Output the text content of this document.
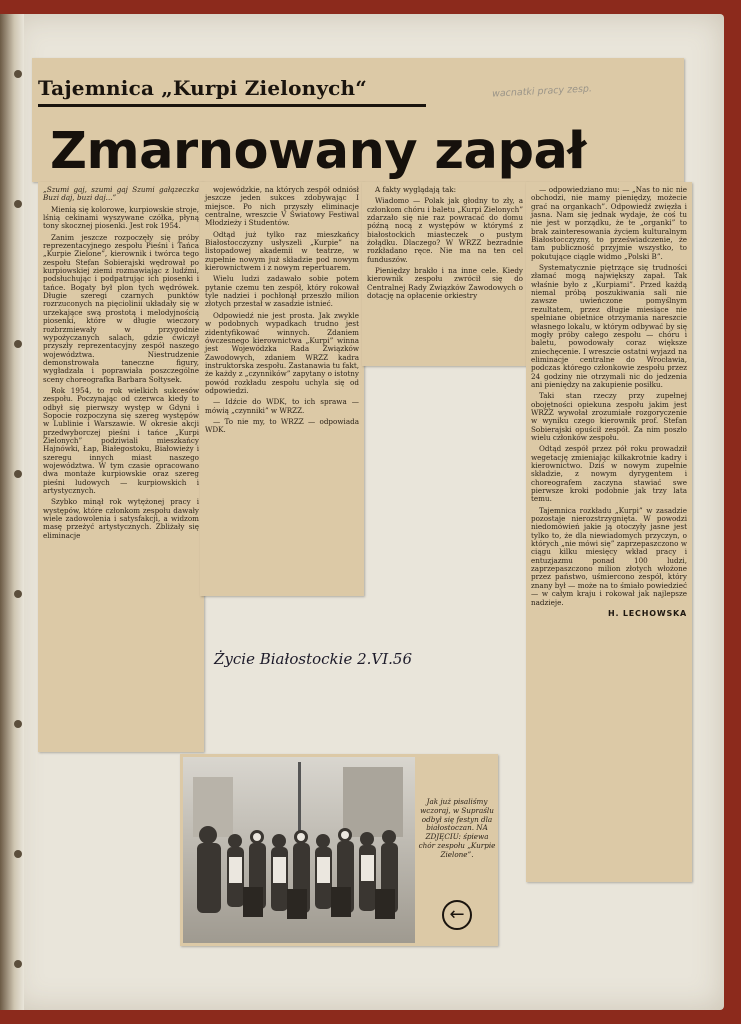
Tajemnica „Kurpi Zielonych“	wacnatki pracy zesp.
Zmarnowany zapał

„Szumi gaj, szumi gaj Szumi gałązeczka Buzi daj, buzi daj...”

Mienią się kolorowe, kurpiowskie stroje, lśnią cekinami wyszywane czółka, płyną tony skocznej piosenki. Jest rok 1954.

Zanim jeszcze rozpoczęły się próby reprezentacyjnego zespołu Pieśni i Tańca „Kurpie Zielone”, kierownik i twórca tego zespołu Stefan Sobierajski wędrował po kurpiowskiej ziemi rozmawiając z ludźmi, podsłuchując i podpatrując ich piosenki i tańce. Bogaty był plon tych wędrówek. Długie szeregi czarnych punktów rozrzuconych na pięciolinii układały się w urzekające swą prostotą i melodyjnością piosenki, które w długie wieczory rozbrzmiewały w przygodnie wypożyczanych salach, gdzie ćwiczył przyszły reprezentacyjny zespół naszego województwa. Niestrudzenie demonstrowała taneczne figury, wygładzała i poprawiała poszczególne sceny choreografka Barbara Sołtysek.

Rok 1954, to rok wielkich sukcesów zespołu. Poczynając od czerwca kiedy to odbył się pierwszy występ w Gdyni i Sopocie rozpoczyna się szereg występów w Lublinie i Warszawie. W okresie akcji przedwyborczej pieśni i tańce „Kurpi Zielonych” podziwiali mieszkańcy Hajnówki, Łap, Białegostoku, Białowieży i szeregu innych miast naszego województwa. W tym czasie opracowano dwa montaże kurpiowskie oraz szereg pieśni ludowych — kurpiowskich i artystycznych.

Szybko minął rok wytężonej pracy i występów, które członkom zespołu dawały wiele zadowolenia i satysfakcji, a widzom masę przeżyć artystycznych. Zbliżały się eliminacje

wojewódzkie, na których zespół odniósł jeszcze jeden sukces zdobywając I miejsce. Po nich przyszły eliminacje centralne, wreszcie V Światowy Festiwal Młodzieży i Studentów.

Odtąd już tylko raz mieszkańcy Białostocczyzny usłyszeli „Kurpie” na listopadowej akademii w teatrze, w zupełnie nowym już składzie pod nowym kierownictwem i z nowym repertuarem.

Wielu ludzi zadawało sobie potem pytanie czemu ten zespół, który rokował tyle nadziei i pochłonął przeszło milion złotych przestał w zasadzie istnieć.

Odpowiedź nie jest prosta. Jak zwykle w podobnych wypadkach trudno jest zidentyfikować winnych. Zdaniem ówczesnego kierownictwa „Kurpi” winna jest Wojewódzka Rada Związków Zawodowych, zdaniem WRZZ kadra instruktorska zespołu. Zastanawia tu fakt, że każdy z „czynników” zapytany o istotny powód rozkładu zespołu uchyla się od odpowiedzi.

— Idźcie do WDK, to ich sprawa — mówią „czynniki” w WRZZ.

— To nie my, to WRZZ — odpowiada WDK.

A fakty wyglądają tak:

Wiadomo — Polak jak głodny to zły, a członkom chóru i baletu „Kurpi Zielonych” zdarzało się nie raz powracać do domu późną nocą z występów w którymś z białostockich miasteczek o pustym żołądku. Dlaczego? W WRZZ bezradnie rozkładano ręce. Nie ma na ten cel funduszów.

Pieniędzy brakło i na inne cele. Kiedy kierownik zespołu zwrócił się do Centralnej Rady Związków Zawodowych o dotację na opłacenie orkiestry

— odpowiedziano mu: — „Nas to nic nie obchodzi, nie mamy pieniędzy, możecie grać na organkach”. Odpowiedź zwięzła i jasna. Nam się jednak wydaje, że coś tu nie jest w porządku, że te „organki” to brak zainteresowania życiem kulturalnym Białostocczyzny, to przeświadczenie, że tam publiczność przyjmie wszystko, to pokutujące ciągle widmo „Polski B”.

Systematycznie piętrzące się trudności złamać mogą największy zapał. Tak właśnie było z „Kurpiami”. Przed każdą niemal próbą poszukiwania sali nie zawsze uwieńczone pomyślnym rezultatem, przez długie miesiące nie spełniane obietnice otrzymania nareszcie własnego lokalu, w którym odbywać by się mogły próby całego zespołu — chóru i baletu, powodowały coraz większe zniechęcenie. I wreszcie ostatni wyjazd na eliminacje centralne do Wrocławia, podczas którego członkowie zespołu przez 24 godziny nie otrzymali nic do jedzenia ani pieniędzy na zakupienie posiłku.

Taki stan rzeczy przy zupełnej obojętności opiekuna zespołu jakim jest WRZZ wywołał zrozumiałe rozgoryczenie w wyniku czego kierownik prof. Stefan Sobierajski opuścił zespół. Za nim poszło wielu członków zespołu.

Odtąd zespół przez pół roku prowadził wegetację zmieniając kilkakrotnie kadry i kierownictwo. Dziś w nowym zupełnie składzie, z nowym dyrygentem i choreografem zaczyna stawiać swe pierwsze kroki podobnie jak trzy lata temu.

Tajemnica rozkładu „Kurpi” w zasadzie pozostaje nierozstrzygnięta. W powodzi niedomówień jakie ją otoczyły jasne jest tylko to, że dla niewiadomych przyczyn, o których „nie mówi się” zaprzepaszczono w ciągu kilku miesięcy wkład pracy i entuzjazmu ponad 100 ludzi, zaprzepaszczono milion złotych włożone przez państwo, uśmiercono zespół, który znany był — może na to śmiało powiedzieć — w całym kraju i rokował jak najlepsze nadzieje.

H. LECHOWSKA
Życie Białostockie 2.VI.56
Jak już pisaliśmy wczoraj, w Supraślu odbył się festyn dla białostoczan. NA ZDJĘCIU: śpiewa chór zespołu „Kurpie Zielone”.
←
